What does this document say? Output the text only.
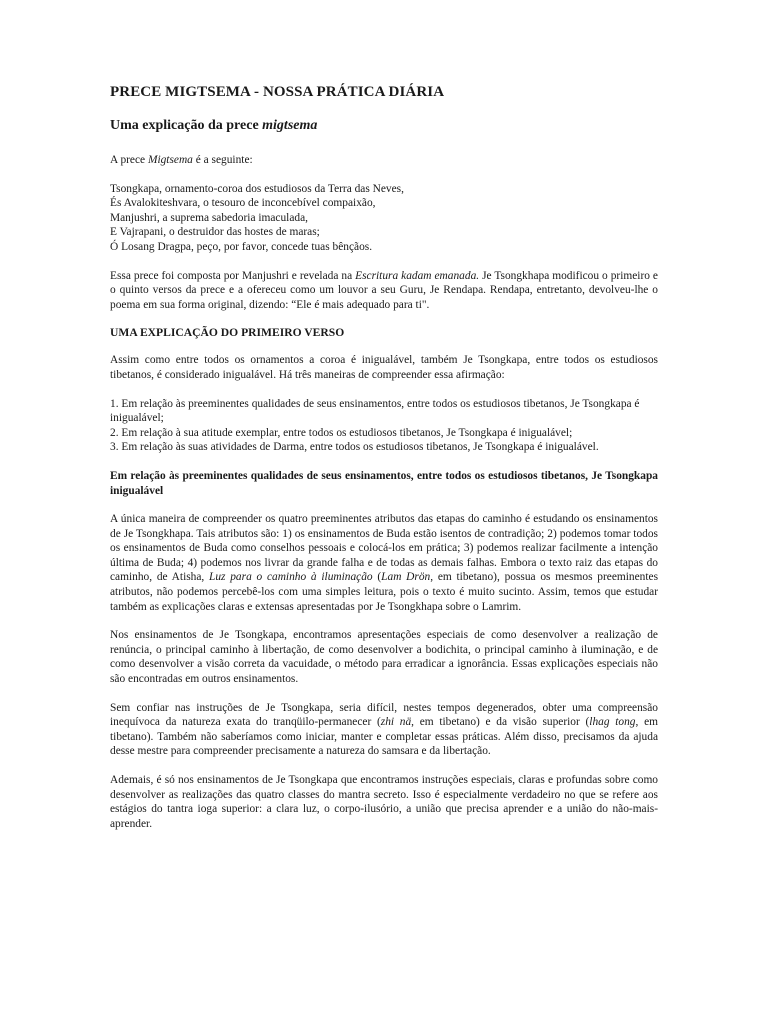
PRECE MIGTSEMA - NOSSA PRÁTICA DIÁRIA
Uma explicação da prece migtsema
A prece Migtsema é a seguinte:
Tsongkapa, ornamento-coroa dos estudiosos da Terra das Neves,
És Avalokiteshvara, o tesouro de inconcebível compaixão,
Manjushri, a suprema sabedoria imaculada,
E Vajrapani, o destruidor das hostes de maras;
Ó Losang Dragpa, peço, por favor, concede tuas bênçãos.
Essa prece foi composta por Manjushri e revelada na Escritura kadam emanada. Je Tsongkhapa modificou o primeiro e o quinto versos da prece e a ofereceu como um louvor a seu Guru, Je Rendapa. Rendapa, entretanto, devolveu-lhe o poema em sua forma original, dizendo: “Ele é mais adequado para ti".
UMA EXPLICAÇÃO DO PRIMEIRO VERSO
Assim como entre todos os ornamentos a coroa é inigualável, também Je Tsongkapa, entre todos os estudiosos tibetanos, é considerado inigualável. Há três maneiras de compreender essa afirmação:
1. Em relação às preeminentes qualidades de seus ensinamentos, entre todos os estudiosos tibetanos, Je Tsongkapa é inigualável;
2. Em relação à sua atitude exemplar, entre todos os estudiosos tibetanos, Je Tsongkapa é inigualável;
3. Em relação às suas atividades de Darma, entre todos os estudiosos tibetanos, Je Tsongkapa é inigualável.
Em relação às preeminentes qualidades de seus ensinamentos, entre todos os estudiosos tibetanos, Je Tsongkapa inigualável
A única maneira de compreender os quatro preeminentes atributos das etapas do caminho é estudando os ensinamentos de Je Tsongkhapa. Tais atributos são: 1) os ensinamentos de Buda estão isentos de contradição; 2) podemos tomar todos os ensinamentos de Buda como conselhos pessoais e colocá-los em prática; 3) podemos realizar facilmente a intenção última de Buda; 4) podemos nos livrar da grande falha e de todas as demais falhas. Embora o texto raiz das etapas do caminho, de Atisha, Luz para o caminho à iluminação (Lam Drön, em tibetano), possua os mesmos preeminentes atributos, não podemos percebê-los com uma simples leitura, pois o texto é muito sucinto. Assim, temos que estudar também as explicações claras e extensas apresentadas por Je Tsongkhapa sobre o Lamrim.
Nos ensinamentos de Je Tsongkapa, encontramos apresentações especiais de como desenvolver a realização de renúncia, o principal caminho à libertação, de como desenvolver a bodichita, o principal caminho à iluminação, e de como desenvolver a visão correta da vacuidade, o método para erradicar a ignorância. Essas explicações especiais não são encontradas em outros ensinamentos.
Sem confiar nas instruções de Je Tsongkapa, seria difícil, nestes tempos degenerados, obter uma compreensão inequívoca da natureza exata do tranqüilo-permanecer (zhi nä, em tibetano) e da visão superior (lhag tong, em tibetano). Também não saberíamos como iniciar, manter e completar essas práticas. Além disso, precisamos da ajuda desse mestre para compreender precisamente a natureza do samsara e da libertação.
Ademais, é só nos ensinamentos de Je Tsongkapa que encontramos instruções especiais, claras e profundas sobre como desenvolver as realizações das quatro classes do mantra secreto. Isso é especialmente verdadeiro no que se refere aos estágios do tantra ioga superior: a clara luz, o corpo-ilusório, a união que precisa aprender e a união do não-mais-aprender.
